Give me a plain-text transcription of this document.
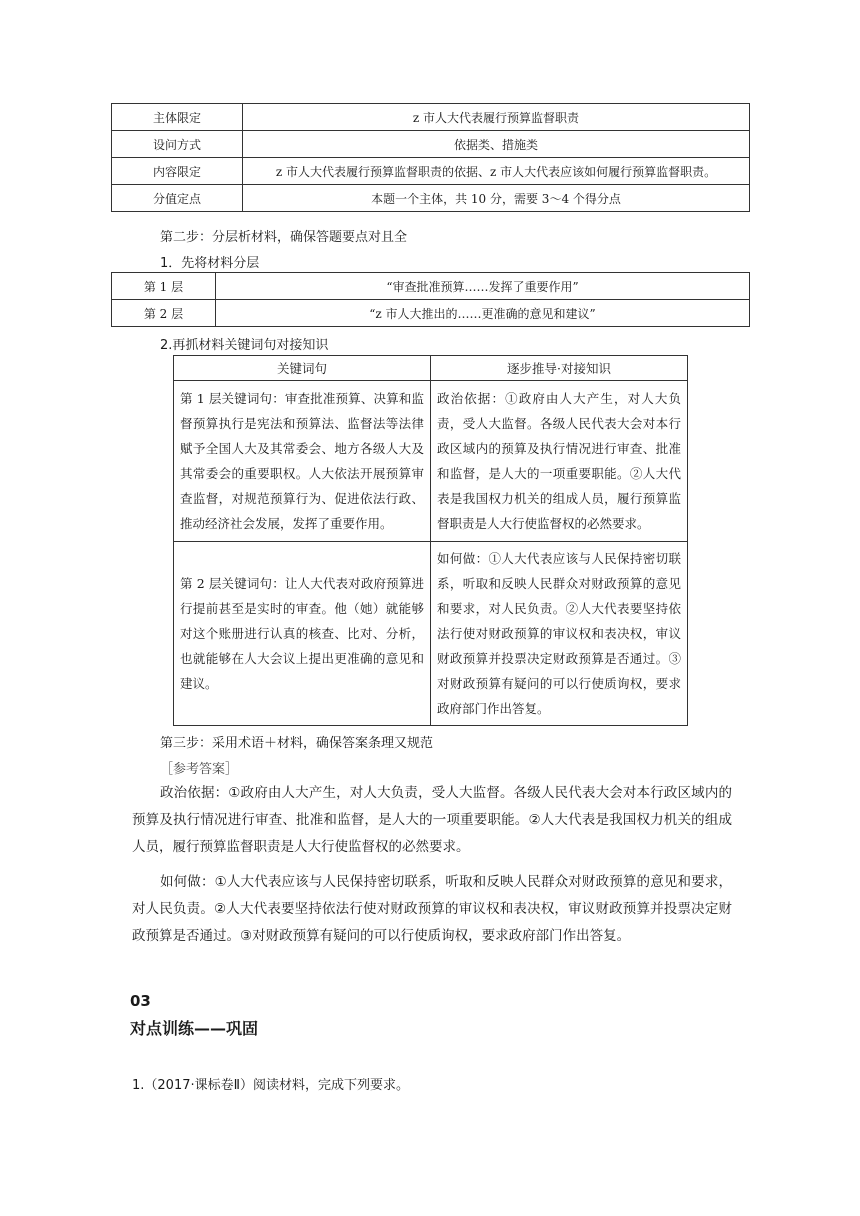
主体限定	z 市人大代表履行预算监督职责
设问方式	依据类、措施类
内容限定	z 市人大代表履行预算监督职责的依据、z 市人大代表应该如何履行预算监督职责。
分值定点	本题一个主体，共 10 分，需要 3～4 个得分点
第二步：分层析材料，确保答题要点对且全
1．先将材料分层
第 1 层	“审查批准预算……发挥了重要作用”
第 2 层	“z 市人大推出的……更准确的意见和建议”
2.再抓材料关键词句对接知识
关键词句	逐步推导·对接知识
第 1 层关键词句：审查批准预算、决算和监督预算执行是宪法和预算法、监督法等法律赋予全国人大及其常委会、地方各级人大及其常委会的重要职权。人大依法开展预算审查监督，对规范预算行为、促进依法行政、推动经济社会发展，发挥了重要作用。	政治依据：①政府由人大产生，对人大负责，受人大监督。各级人民代表大会对本行政区域内的预算及执行情况进行审查、批准和监督，是人大的一项重要职能。②人大代表是我国权力机关的组成人员，履行预算监督职责是人大行使监督权的必然要求。
第 2 层关键词句：让人大代表对政府预算进行提前甚至是实时的审查。他（她）就能够对这个账册进行认真的核查、比对、分析，也就能够在人大会议上提出更准确的意见和建议。	如何做：①人大代表应该与人民保持密切联系，听取和反映人民群众对财政预算的意见和要求，对人民负责。②人大代表要坚持依法行使对财政预算的审议权和表决权，审议财政预算并投票决定财政预算是否通过。③对财政预算有疑问的可以行使质询权，要求政府部门作出答复。
第三步：采用术语＋材料，确保答案条理又规范
［参考答案］
政治依据：①政府由人大产生，对人大负责，受人大监督。各级人民代表大会对本行政区域内的预算及执行情况进行审查、批准和监督，是人大的一项重要职能。②人大代表是我国权力机关的组成人员，履行预算监督职责是人大行使监督权的必然要求。
如何做：①人大代表应该与人民保持密切联系，听取和反映人民群众对财政预算的意见和要求，对人民负责。②人大代表要坚持依法行使对财政预算的审议权和表决权，审议财政预算并投票决定财政预算是否通过。③对财政预算有疑问的可以行使质询权，要求政府部门作出答复。
03
对点训练——巩固
1.（2017·课标卷Ⅱ）阅读材料，完成下列要求。
